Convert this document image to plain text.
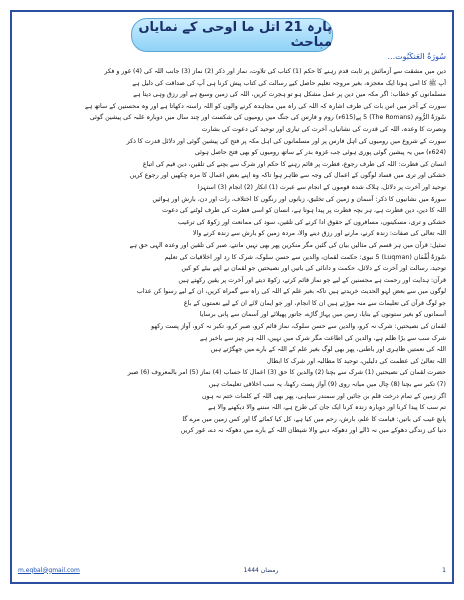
پارہ 21 اتل ما اوحی کے نمایاں مباحث
سُورَةُ العَنكَبُوت...
دین میں مشقت سے آزمائش پر ثابت قدم رہنے کا حکم (1) کتاب کی تلاوت، نماز اور ذکر (2) نماز (3) جانب اللہ کی (4) غور و فکر
آپ ﷺ کا امی ہونا ایک معجزہ، بغیر مروجہ تعلیم حاصل کیے رسالت کی کتاب پیش کرنا ہی آپ کی صداقت کی دلیل ہے
مسلمانوں کو خطاب: اگر مکہ میں دین پر عمل مشکل ہو تو ہجرت کریں، اللہ کی زمین وسیع ہے اور رزق وہی دیتا ہے
سورت کے آخر میں اس بات کی طرف اشارہ کہ اللہ کی راہ میں مجاہدہ کرنے والوں کو اللہ راستہ دکھاتا ہے اور وہ محسنین کے ساتھ ہے
سُورَةُ الرُّوم (The Romans) 5 پے(615ء) روم و فارس کی جنگ میں رومیوں کی شکست اور چند سال میں دوبارہ غلبہ کی پیشین گوئی
ونصرت کا وعدہ، اللہ کی قدرت کی نشانیاں، آخرت کی تیاری اور توحید کی دعوت کی بشارت
سورت کے شروع میں رومیوں کی اہل فارس پر اور مسلمانوں کی اہل مکہ پر فتح کی پیشین گوئی اور دلائل قدرت کا ذکر
(624ء) میں یہ پیشین گوئی پوری ہوئی جب غزوہ بدر کے ساتھ رومیوں کو بھی فتح حاصل ہوئی
انسان کی فطرت: اللہ کی طرف رجوع، فطرت پر قائم رہنے کا حکم اور شرک سے بچنے کی تلقین، دین قیم کی اتباع
خشکی اور تری میں فساد لوگوں کے اعمال کی وجہ سے ظاہر ہوا تاکہ وہ اپنے بعض اعمال کا مزہ چکھیں اور رجوع کریں
توحید اور آخرت پر دلائل، ہلاک شدہ قوموں کے انجام سے عبرت (1) انکار (2) انجام (3) استہزا
سورۃ میں نشانیوں کا ذکر: آسمان و زمین کی تخلیق، زبانوں اور رنگوں کا اختلاف، رات اور دن، بارش اور ہوائیں
اللہ کا دین، دین فطرت ہے، ہر بچہ فطرت پر پیدا ہوتا ہے، انسان کو اسی فطرت کی طرف لوٹنے کی دعوت
خشکی و تری، مسکینوں، مسافروں کے حقوق ادا کرنے کی تلقین، سود کی ممانعت اور زکوۃ کی ترغیب
اللہ تعالی کی صفات: زندہ کرنے، مارنے اور رزق دینے والا، مردہ زمین کو بارش سے زندہ کرنے والا
تمثیل: قرآن میں ہر قسم کی مثالیں بیان کی گئیں مگر منکرین پھر بھی نہیں مانتے، صبر کی تلقین اور وعدہ الہی حق ہے
سُورَةُ لُقْمَان (Luqman) 5 نبوی: حکمت لقمان، والدین سے حسن سلوک، شرک کا رد اور اخلاقیات کی تعلیم
توحید، رسالت اور آخرت کے دلائل، حکمت و دانائی کی باتیں اور نصیحتیں جو لقمان نے اپنے بیٹے کو کیں
قرآن: ہدایت اور رحمت ہے محسنین کے لیے جو نماز قائم کرتے، زکوۃ دیتے اور آخرت پر یقین رکھتے ہیں
لوگوں میں سے بعض لہو الحدیث خریدتے ہیں تاکہ بغیر علم کے اللہ کی راہ سے گمراہ کریں، ان کے لیے رسوا کن عذاب
جو لوگ قرآن کی تعلیمات سے منہ موڑتے ہیں ان کا انجام، اور جو ایمان لائے ان کے لیے نعمتوں کے باغ
آسمانوں کو بغیر ستونوں کے بنایا، زمین میں پہاڑ گاڑے، جانور پھیلائے اور آسمان سے پانی برسایا
لقمان کی نصیحتیں: شرک نہ کرو، والدین سے حسن سلوک، نماز قائم کرو، صبر کرو، تکبر نہ کرو، آواز پست رکھو
شرک سب سے بڑا ظلم ہے، والدین کی اطاعت مگر شرک میں نہیں، اللہ ہر چیز سے باخبر ہے
اللہ کی نعمتیں ظاہری اور باطنی، پھر بھی لوگ بغیر علم کے اللہ کے بارے میں جھگڑتے ہیں
اللہ تعالیٰ کی عظمت کی دلیلیں، توحید کا مطالبہ اور شرک کا ابطال
حضرت لقمان کی نصیحتیں (1) شرک سے بچنا (2) والدین کا حق (3) اعمال کا حساب (4) نماز (5) امر بالمعروف (6) صبر
(7) تکبر سے بچنا (8) چال میں میانہ روی (9) آواز پست رکھنا، یہ سب اخلاقی تعلیمات ہیں
اگر زمین کے تمام درخت قلم بن جائیں اور سمندر سیاہی، پھر بھی اللہ کے کلمات ختم نہ ہوں
تم سب کا پیدا کرنا اور دوبارہ زندہ کرنا ایک جان کی طرح ہے، اللہ سننے والا دیکھنے والا ہے
پانچ غیب کی باتیں: قیامت کا علم، بارش، رحم میں کیا ہے، کل کیا کمائے گا اور کس زمین میں مرے گا
دنیا کی زندگی دھوکے میں نہ ڈالے اور دھوکہ دینے والا شیطان اللہ کے بارے میں دھوکہ نہ دے، غور کریں
m.eqbal@gmail.com	رمضان 1444	1
